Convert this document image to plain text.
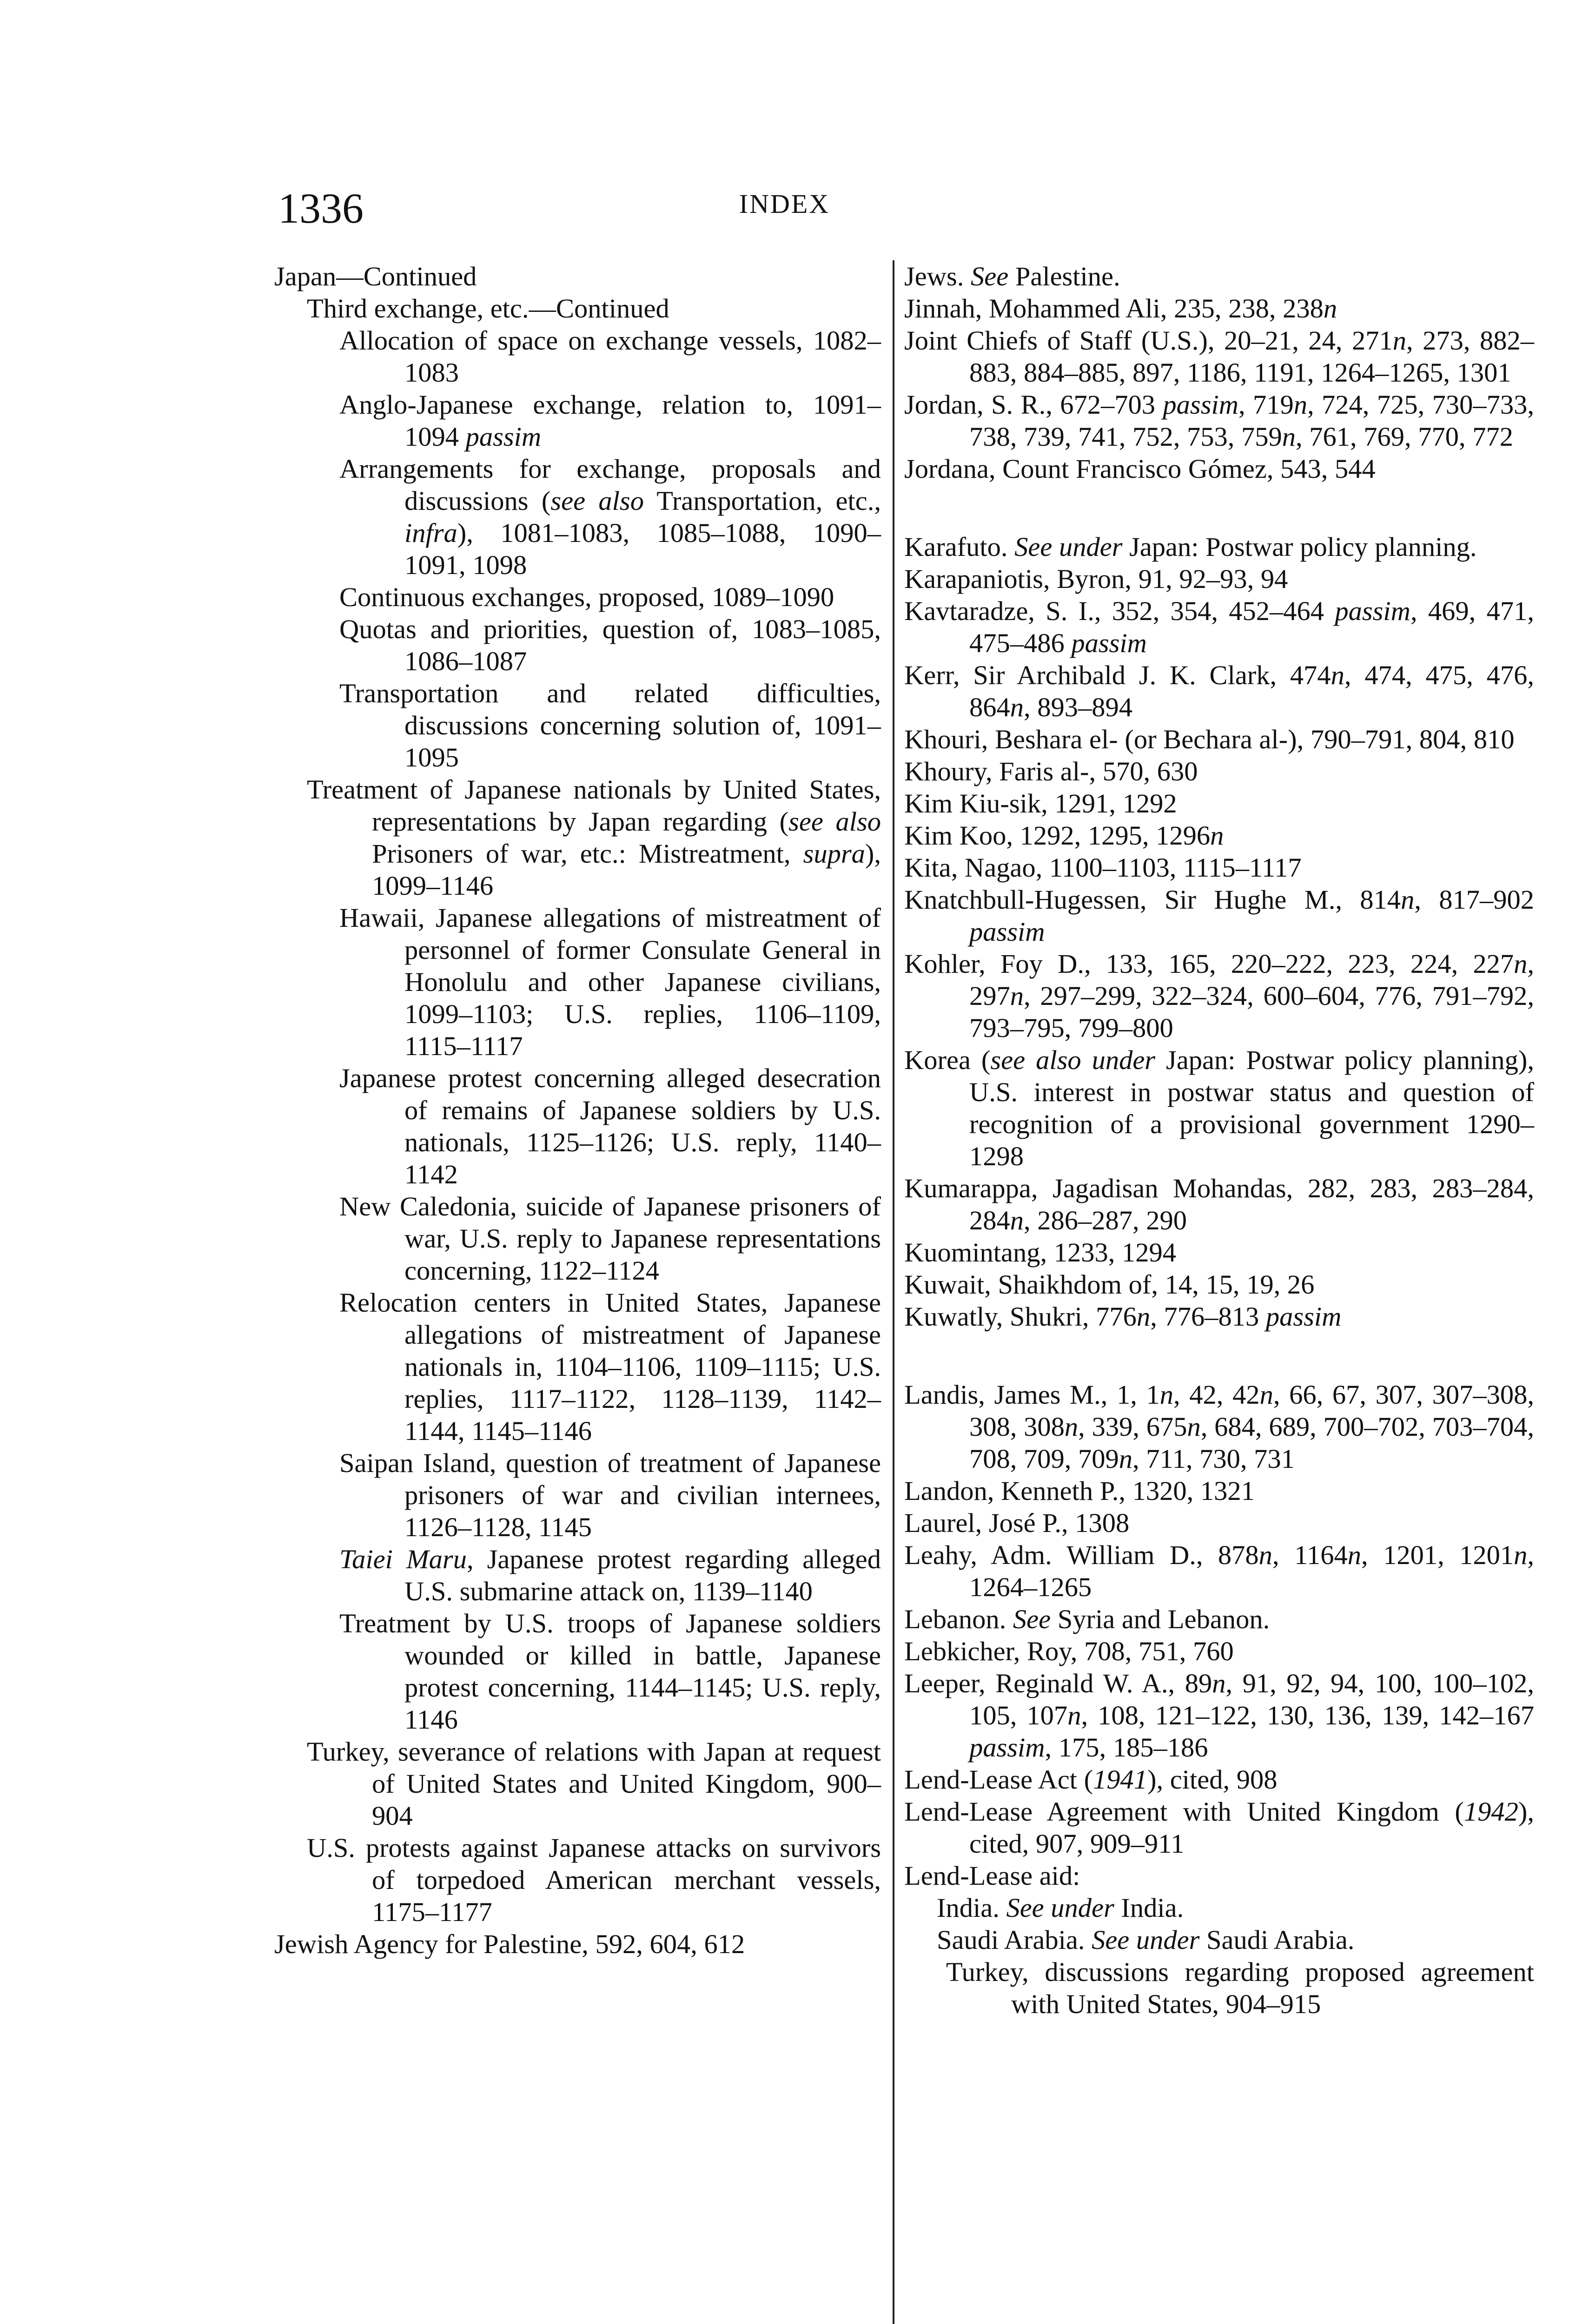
1336	INDEX

Japan—Continued

Third exchange, etc.—Continued

Allocation of space on exchange vessels, 1082–1083

Anglo-Japanese exchange, relation to, 1091–1094 passim

Arrangements for exchange, proposals and discussions (see also Transportation, etc., infra), 1081–1083, 1085–1088, 1090–1091, 1098

Continuous exchanges, proposed, 1089–1090

Quotas and priorities, question of, 1083–1085, 1086–1087

Transportation and related difficulties, discussions concerning solution of, 1091–1095

Treatment of Japanese nationals by United States, representations by Japan regarding (see also Prisoners of war, etc.: Mistreatment, supra), 1099–1146

Hawaii, Japanese allegations of mistreatment of personnel of former Consulate General in Honolulu and other Japanese civilians, 1099–1103; U.S. replies, 1106–1109, 1115–1117

Japanese protest concerning alleged desecration of remains of Japanese soldiers by U.S. nationals, 1125–1126; U.S. reply, 1140–1142

New Caledonia, suicide of Japanese prisoners of war, U.S. reply to Japanese representations concerning, 1122–1124

Relocation centers in United States, Japanese allegations of mistreatment of Japanese nationals in, 1104–1106, 1109–1115; U.S. replies, 1117–1122, 1128–1139, 1142–1144, 1145–1146

Saipan Island, question of treatment of Japanese prisoners of war and civilian internees, 1126–1128, 1145

Taiei Maru, Japanese protest regarding alleged U.S. submarine attack on, 1139–1140

Treatment by U.S. troops of Japanese soldiers wounded or killed in battle, Japanese protest concerning, 1144–1145; U.S. reply, 1146

Turkey, severance of relations with Japan at request of United States and United Kingdom, 900–904

U.S. protests against Japanese attacks on survivors of torpedoed American merchant vessels, 1175–1177

Jewish Agency for Palestine, 592, 604, 612

Jews. See Palestine.

Jinnah, Mohammed Ali, 235, 238, 238n

Joint Chiefs of Staff (U.S.), 20–21, 24, 271n, 273, 882–883, 884–885, 897, 1186, 1191, 1264–1265, 1301

Jordan, S. R., 672–703 passim, 719n, 724, 725, 730–733, 738, 739, 741, 752, 753, 759n, 761, 769, 770, 772

Jordana, Count Francisco Gómez, 543, 544

Karafuto. See under Japan: Postwar policy planning.

Karapaniotis, Byron, 91, 92–93, 94

Kavtaradze, S. I., 352, 354, 452–464 passim, 469, 471, 475–486 passim

Kerr, Sir Archibald J. K. Clark, 474n, 474, 475, 476, 864n, 893–894

Khouri, Beshara el- (or Bechara al-), 790–791, 804, 810

Khoury, Faris al-, 570, 630

Kim Kiu-sik, 1291, 1292

Kim Koo, 1292, 1295, 1296n

Kita, Nagao, 1100–1103, 1115–1117

Knatchbull-Hugessen, Sir Hughe M., 814n, 817–902 passim

Kohler, Foy D., 133, 165, 220–222, 223, 224, 227n, 297n, 297–299, 322–324, 600–604, 776, 791–792, 793–795, 799–800

Korea (see also under Japan: Postwar policy planning), U.S. interest in postwar status and question of recognition of a provisional government 1290–1298

Kumarappa, Jagadisan Mohandas, 282, 283, 283–284, 284n, 286–287, 290

Kuomintang, 1233, 1294

Kuwait, Shaikhdom of, 14, 15, 19, 26

Kuwatly, Shukri, 776n, 776–813 passim

Landis, James M., 1, 1n, 42, 42n, 66, 67, 307, 307–308, 308, 308n, 339, 675n, 684, 689, 700–702, 703–704, 708, 709, 709n, 711, 730, 731

Landon, Kenneth P., 1320, 1321

Laurel, José P., 1308

Leahy, Adm. William D., 878n, 1164n, 1201, 1201n, 1264–1265

Lebanon. See Syria and Lebanon.

Lebkicher, Roy, 708, 751, 760

Leeper, Reginald W. A., 89n, 91, 92, 94, 100, 100–102, 105, 107n, 108, 121–122, 130, 136, 139, 142–167 passim, 175, 185–186

Lend-Lease Act (1941), cited, 908

Lend-Lease Agreement with United Kingdom (1942), cited, 907, 909–911

Lend-Lease aid:

India. See under India.

Saudi Arabia. See under Saudi Arabia.

Turkey, discussions regarding proposed agreement with United States, 904–915
